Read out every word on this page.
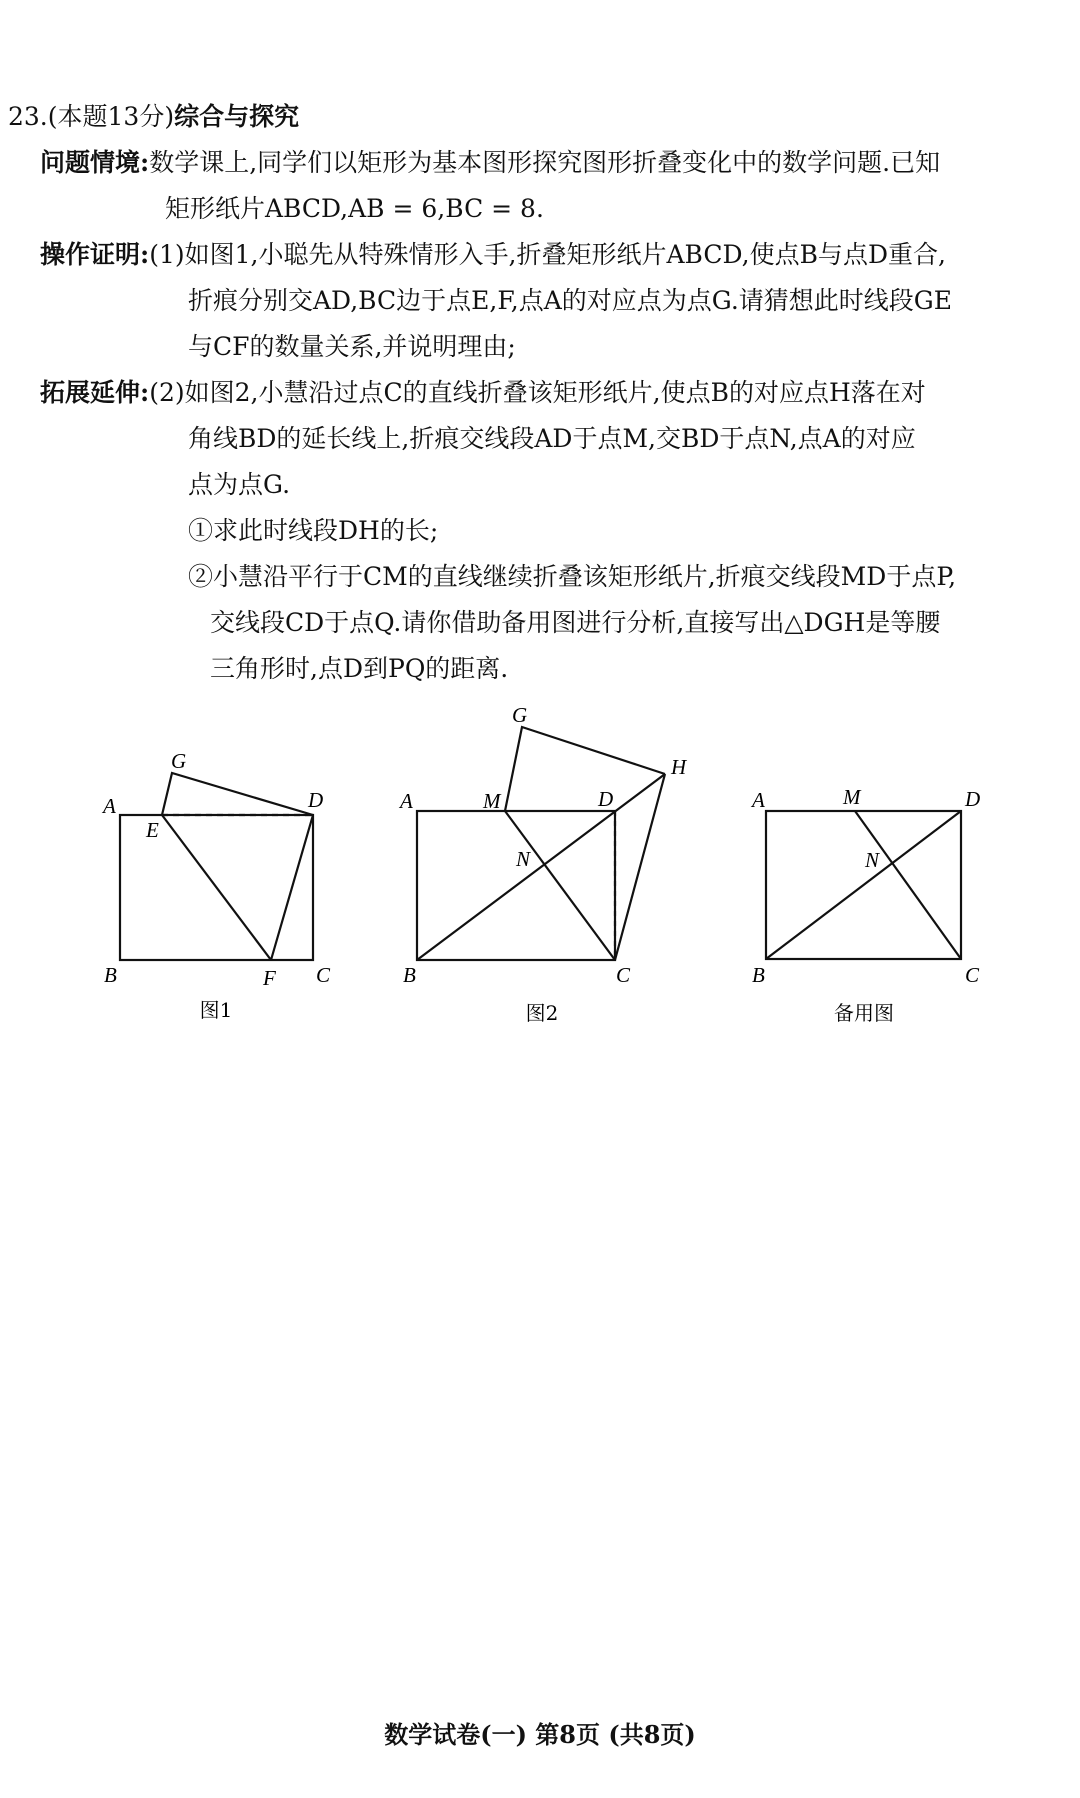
23.(本题13分)综合与探究
问题情境:数学课上,同学们以矩形为基本图形探究图形折叠变化中的数学问题.已知
矩形纸片ABCD,AB = 6,BC = 8.
操作证明:(1)如图1,小聪先从特殊情形入手,折叠矩形纸片ABCD,使点B与点D重合,
折痕分别交AD,BC边于点E,F,点A的对应点为点G.请猜想此时线段GE
与CF的数量关系,并说明理由;
拓展延伸:(2)如图2,小慧沿过点C的直线折叠该矩形纸片,使点B的对应点H落在对
角线BD的延长线上,折痕交线段AD于点M,交BD于点N,点A的对应
点为点G.
①求此时线段DH的长;
②小慧沿平行于CM的直线继续折叠该矩形纸片,折痕交线段MD于点P,
交线段CD于点Q.请你借助备用图进行分析,直接写出△DGH是等腰
三角形时,点D到PQ的距离.
A
B	C
D
E
F
G
图1
A
B	C
D
M
N
G
H
图2
A
B	C
D
M
N
备用图
数学试卷(一) 第8页 (共8页)
